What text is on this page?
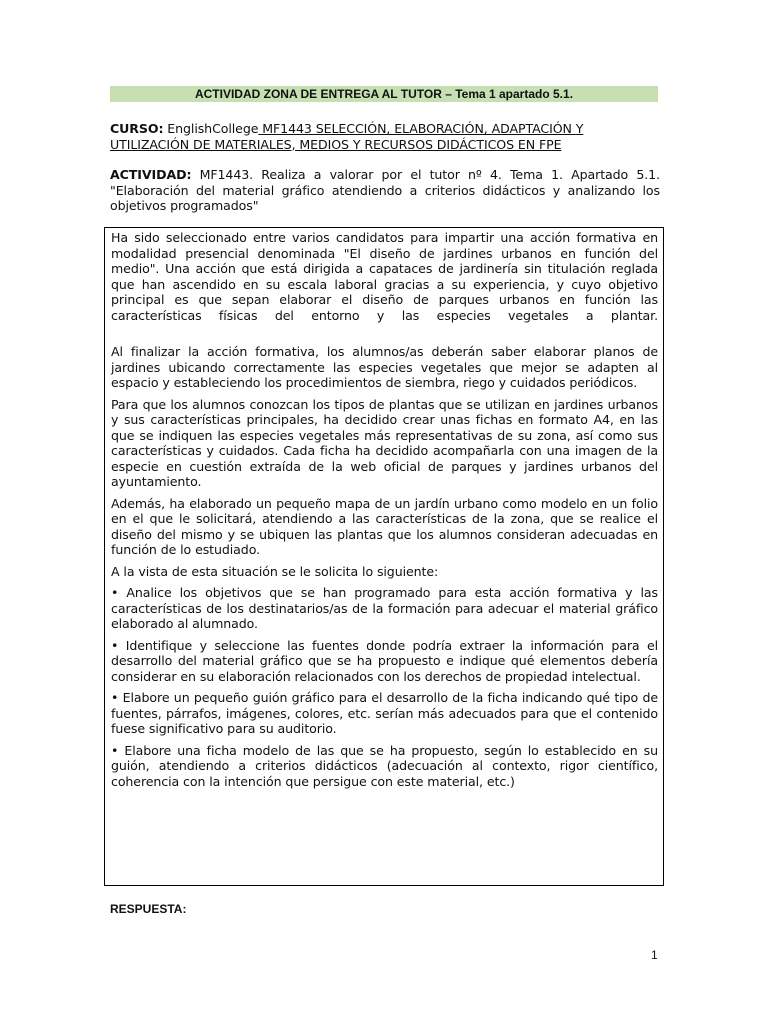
ACTIVIDAD ZONA DE ENTREGA AL TUTOR – Tema 1 apartado 5.1.
CURSO: EnglishCollege MF1443 SELECCIÓN, ELABORACIÓN, ADAPTACIÓN Y UTILIZACIÓN DE MATERIALES, MEDIOS Y RECURSOS DIDÁCTICOS EN FPE
ACTIVIDAD: MF1443. Realiza a valorar por el tutor nº 4. Tema 1. Apartado 5.1. "Elaboración del material gráfico atendiendo a criterios didácticos y analizando los objetivos programados"

Ha sido seleccionado entre varios candidatos para impartir una acción formativa en modalidad presencial denominada "El diseño de jardines urbanos en función del medio". Una acción que está dirigida a capataces de jardinería sin titulación reglada que han ascendido en su escala laboral gracias a su experiencia, y cuyo objetivo principal es que sepan elaborar el diseño de parques urbanos en función las características físicas del entorno y las especies vegetales a plantar.

Al finalizar la acción formativa, los alumnos/as deberán saber elaborar planos de jardines ubicando correctamente las especies vegetales que mejor se adapten al espacio y estableciendo los procedimientos de siembra, riego y cuidados periódicos.

Para que los alumnos conozcan los tipos de plantas que se utilizan en jardines urbanos y sus características principales, ha decidido crear unas fichas en formato A4, en las que se indiquen las especies vegetales más representativas de su zona, así como sus características y cuidados. Cada ficha ha decidido acompañarla con una imagen de la especie en cuestión extraída de la web oficial de parques y jardines urbanos del ayuntamiento.

Además, ha elaborado un pequeño mapa de un jardín urbano como modelo en un folio en el que le solicitará, atendiendo a las características de la zona, que se realice el diseño del mismo y se ubiquen las plantas que los alumnos consideran adecuadas en función de lo estudiado.

A la vista de esta situación se le solicita lo siguiente:

• Analice los objetivos que se han programado para esta acción formativa y las características de los destinatarios/as de la formación para adecuar el material gráfico elaborado al alumnado.

• Identifique y seleccione las fuentes donde podría extraer la información para el desarrollo del material gráfico que se ha propuesto e indique qué elementos debería considerar en su elaboración relacionados con los derechos de propiedad intelectual.

• Elabore un pequeño guión gráfico para el desarrollo de la ficha indicando qué tipo de fuentes, párrafos, imágenes, colores, etc. serían más adecuados para que el contenido fuese significativo para su auditorio.

• Elabore una ficha modelo de las que se ha propuesto, según lo establecido en su guión, atendiendo a criterios didácticos (adecuación al contexto, rigor científico, coherencia con la intención que persigue con este material, etc.)

RESPUESTA:
1
